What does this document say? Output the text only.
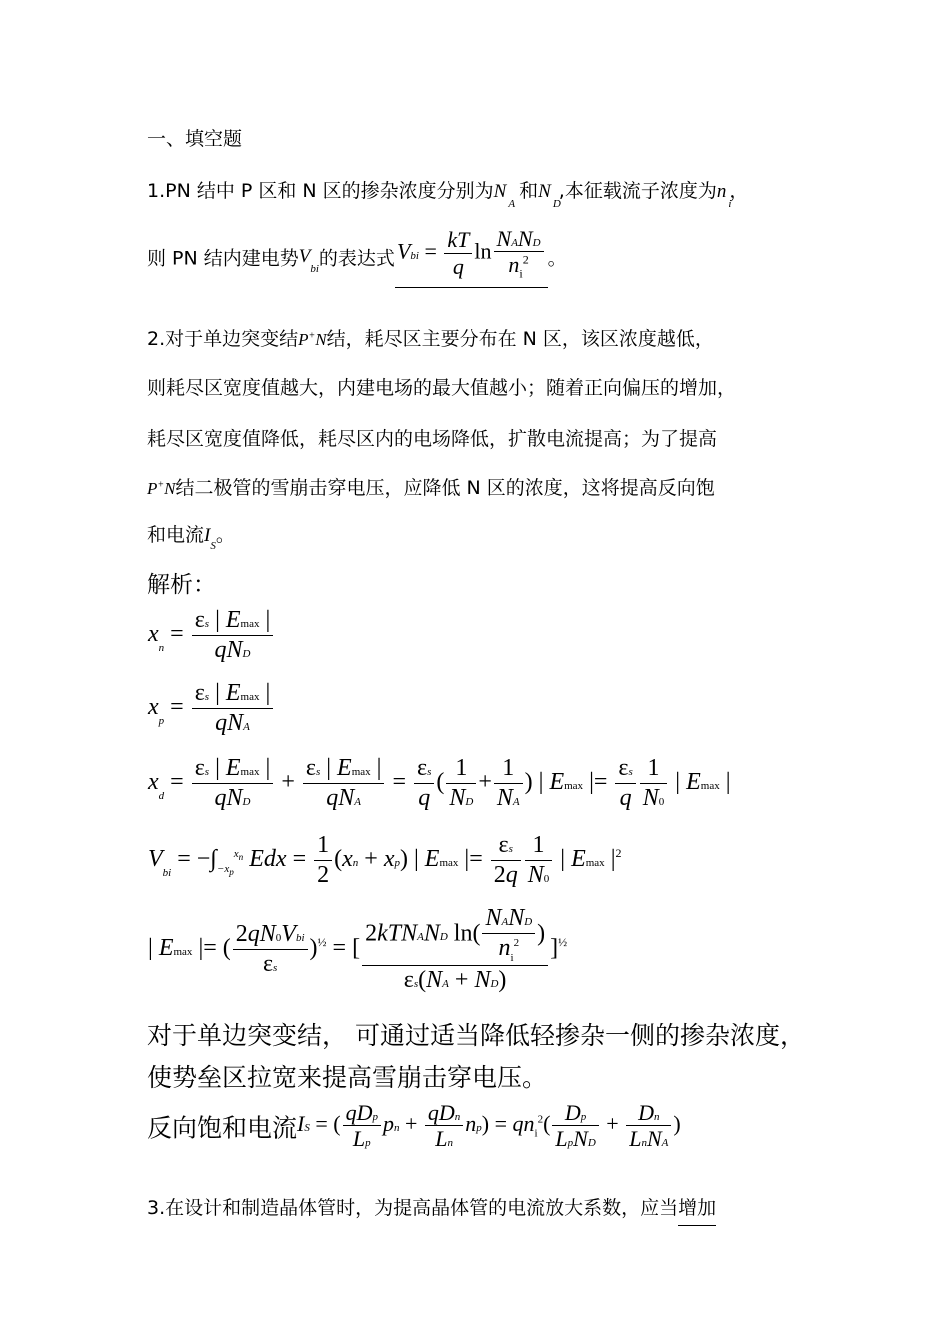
一、填空题
1.PN 结中 P 区和 N 区的掺杂浓度分别为$N_A$ 和$N_D$,本征载流子浓度为$n_i$，
则 PN 结内建电势$V_{bi}$的表达式Vbi = $\frac{kT}{q}$ $\ln \frac{\text{NAND}}{n_i^2}$ 。
2.对于单边突变结P+N结，耗尽区主要分布在 N 区，该区浓度越低，
则耗尽区宽度值越大，内建电场的最大值越小；随着正向偏压的增加，
耗尽区宽度值降低，耗尽区内的电场降低，扩散电流提高；为了提高
P+N结二极管的雪崩击穿电压，应降低 N 区的浓度，这将提高反向饱
和电流$I_S$。
解析：
$x_n = \frac{\varepsilon s | Emax |}{\text{qND}}$
$x_p = \frac{\varepsilon s | Emax |}{\text{qNA}}$
$x_d = \frac{\varepsilon s | Emax |}{\text{qND}} + \frac{\varepsilon s | Emax |}{\text{qNA}} = \frac{\varepsilon s}{q}$ ( $\frac{1}{ND} + \frac{1}{NA}$ ) | Emax |= $\frac{\varepsilon s}{q} \frac{1}{N0}$ | Emax |
$V_{bi} = -\int_{-x_p}^{x_n}$ Edx = $\frac{1}{2} (xn + xp)$ | Emax |= $\frac{\varepsilon s}{2q} \frac{1}{N0}$ | Emax $|^2$
| Emax |= ( $\frac{\text{2qN0Vbi}}{\varepsilon s} )^{\frac{1}{2}}$ = [ $\frac{2kTNAND \ln( \frac{\text{NAND}}{n_i^2} )}{\varepsilon s(NA + ND)} ]^{\frac{1}{2}}$
对于单边突变结， 可通过适当降低轻掺杂一侧的掺杂浓度，
使势垒区拉宽来提高雪崩击穿电压。
反向饱和电流IS = ( $\frac{\text{qDp}}{Lp}$ pn + $\frac{\text{qDn}}{Ln} np) = qn_i^2( \frac{Dp}{\text{LpND}} + \frac{Dn}{\text{LnNA}}$ )
3.在设计和制造晶体管时，为提高晶体管的电流放大系数，应当增加
